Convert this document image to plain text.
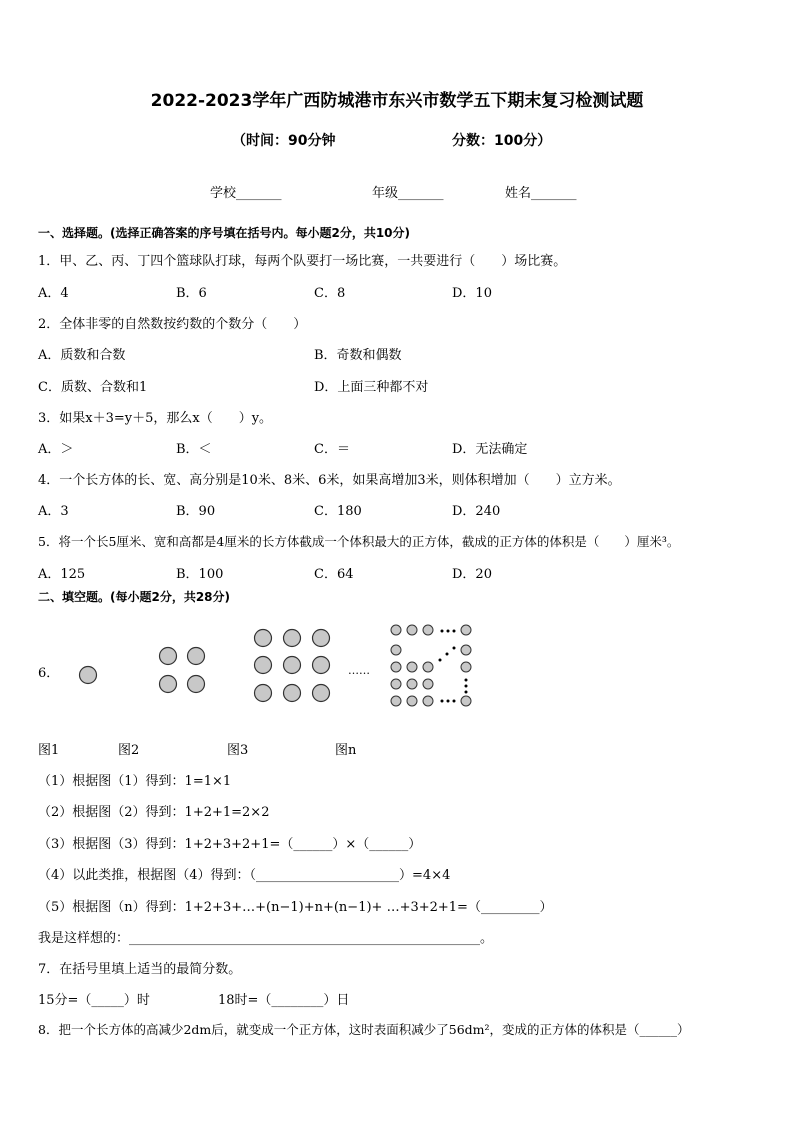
2022-2023学年广西防城港市东兴市数学五下期末复习检测试题
（时间：90分钟	分数：100分）
学校_______	年级_______	姓名_______
一、选择题。(选择正确答案的序号填在括号内。每小题2分，共10分)
1．甲、乙、丙、丁四个篮球队打球，每两个队要打一场比赛，一共要进行（　　）场比赛。
A．4	B．6	C．8	D．10
2．全体非零的自然数按约数的个数分（　　）
A．质数和合数	B．奇数和偶数
C．质数、合数和1	D．上面三种都不对
3．如果x＋3=y＋5，那么x（　　）y。
A．＞	B．＜	C．＝	D．无法确定
4．一个长方体的长、宽、高分别是10米、8米、6米，如果高增加3米，则体积增加（　　）立方米。
A．3	B．90	C．180	D．240
5．将一个长5厘米、宽和高都是4厘米的长方体截成一个体积最大的正方体，截成的正方体的体积是（　　）厘米³。
A．125	B．100	C．64	D．20
二、填空题。(每小题2分，共28分)
6．	……
图1	图2	图3	图n
（1）根据图（1）得到：1=1×1
（2）根据图（2）得到：1+2+1=2×2
（3）根据图（3）得到：1+2+3+2+1=（______）×（______）
（4）以此类推，根据图（4）得到：（______________________）=4×4
（5）根据图（n）得到：1+2+3+…+(n−1)+n+(n−1)+ …+3+2+1=（_________）
我是这样想的：______________________________________________________。
7．在括号里填上适当的最简分数。
15分=（_____）时	18时=（________）日
8．把一个长方体的高减少2dm后，就变成一个正方体，这时表面积减少了56dm²，变成的正方体的体积是（______）
